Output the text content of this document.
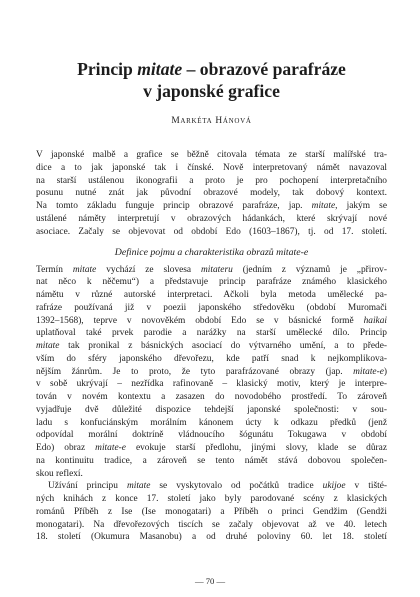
Princip mitate – obrazové parafráze
v japonské grafice
Markéta Hánová

V japonské malbě a grafice se běžně citovala témata ze starší malířské tra-
dice a to jak japonské tak i čínské. Nově interpretovaný námět navazoval
na starší ustálenou ikonografii a proto je pro pochopení interpretačního
posunu nutné znát jak původní obrazové modely, tak dobový kontext.
Na tomto základu funguje princip obrazové parafráze, jap. mitate, jakým se
ustálené náměty interpretují v obrazových hádankách, které skrývají nové
asociace. Začaly se objevovat od období Edo (1603–1867), tj. od 17. století.

Definice pojmu a charakteristika obrazů mitate-e

Termín mitate vychází ze slovesa mitateru (jedním z významů je „přirov-
nat něco k něčemu“) a představuje princip parafráze známého klasického
námětu v různé autorské interpretaci. Ačkoli byla metoda umělecké pa-
rafráze používaná již v poezii japonského středověku (období Muromači
1392–1568), teprve v novověkém období Edo se v básnické formě haikai
uplatňoval také prvek parodie a narážky na starší umělecké dílo. Princip
mitate tak pronikal z básnických asociací do výtvarného umění, a to přede-
vším do sféry japonského dřevořezu, kde patří snad k nejkomplikova-
nějším žánrům. Je to proto, že tyto parafrázované obrazy (jap. mitate-e)
v sobě ukrývají – nezřídka rafinovaně – klasický motiv, který je interpre-
tován v novém kontextu a zasazen do novodobého prostředí. To zároveň
vyjadřuje dvě důležité dispozice tehdejší japonské společnosti: v sou-
ladu s konfuciánským morálním kánonem úcty k odkazu předků (jenž
odpovídal morální doktríně vládnoucího šógunátu Tokugawa v období
Edo) obraz mitate-e evokuje starší předlohu, jinými slovy, klade se důraz
na kontinuitu tradice, a zároveň se tento námět stává dobovou společen-
skou reflexí.

Užívání principu mitate se vyskytovalo od počátků tradice ukijoe v tišté-
ných knihách z konce 17. století jako byly parodované scény z klasických
románů Příběh z Ise (Ise monogatari) a Příběh o princi Gendžim (Gendži
monogatari). Na dřevořezových tiscích se začaly objevovat až ve 40. letech
18. století (Okumura Masanobu) a od druhé poloviny 60. let 18. století

— 70 —
